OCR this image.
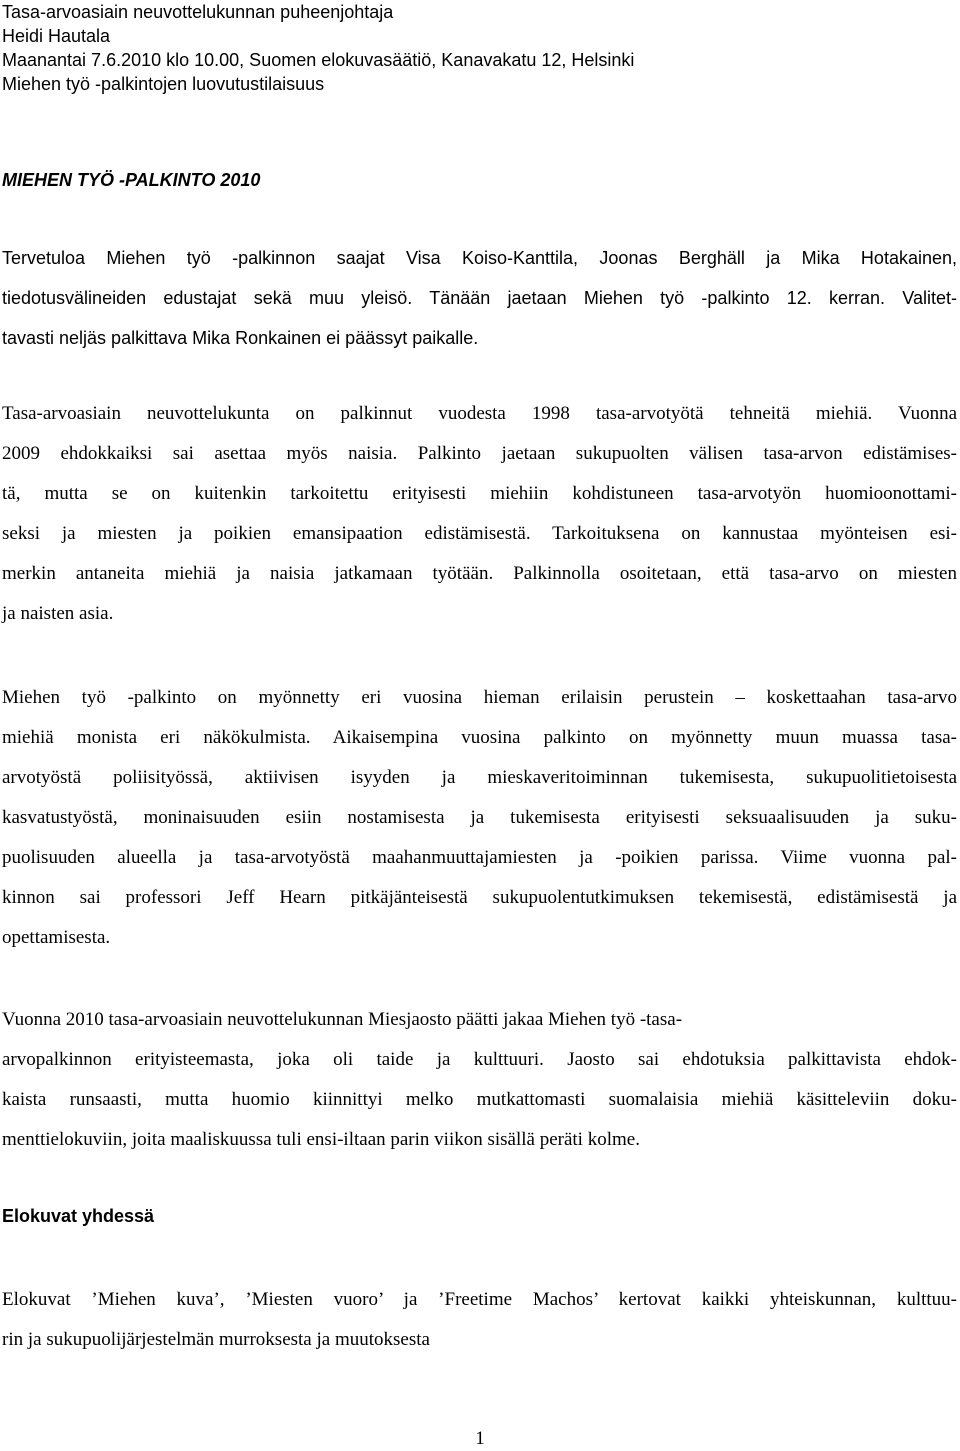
Tasa-arvoasiain neuvottelukunnan puheenjohtaja
Heidi Hautala
Maanantai 7.6.2010 klo 10.00, Suomen elokuvasäätiö, Kanavakatu 12, Helsinki
Miehen työ -palkintojen luovutustilaisuus
MIEHEN TYÖ -PALKINTO 2010
Tervetuloa Miehen työ -palkinnon saajat Visa Koiso-Kanttila, Joonas Berghäll ja Mika Hotakainen,
tiedotusvälineiden edustajat sekä muu yleisö. Tänään jaetaan Miehen työ -palkinto 12. kerran. Valitet-
tavasti neljäs palkittava Mika Ronkainen ei päässyt paikalle.
Tasa-arvoasiain neuvottelukunta on palkinnut vuodesta 1998 tasa-arvotyötä tehneitä miehiä. Vuonna
2009 ehdokkaiksi sai asettaa myös naisia. Palkinto jaetaan sukupuolten välisen tasa-arvon edistämises-
tä, mutta se on kuitenkin tarkoitettu erityisesti miehiin kohdistuneen tasa-arvotyön huomioonottami-
seksi ja miesten ja poikien emansipaation edistämisestä. Tarkoituksena on kannustaa myönteisen esi-
merkin antaneita miehiä ja naisia jatkamaan työtään. Palkinnolla osoitetaan, että tasa-arvo on miesten
ja naisten asia.
Miehen työ -palkinto on myönnetty eri vuosina hieman erilaisin perustein – koskettaahan tasa-arvo
miehiä monista eri näkökulmista. Aikaisempina vuosina palkinto on myönnetty muun muassa tasa-
arvotyöstä poliisityössä, aktiivisen isyyden ja mieskaveritoiminnan tukemisesta, sukupuolitietoisesta
kasvatustyöstä, moninaisuuden esiin nostamisesta ja tukemisesta erityisesti seksuaalisuuden ja suku-
puolisuuden alueella ja tasa-arvotyöstä maahanmuuttajamiesten ja -poikien parissa. Viime vuonna pal-
kinnon sai professori Jeff Hearn pitkäjänteisestä sukupuolentutkimuksen tekemisestä, edistämisestä ja
opettamisesta.
Vuonna 2010 tasa-arvoasiain neuvottelukunnan Miesjaosto päätti jakaa Miehen työ -tasa-
arvopalkinnon erityisteemasta, joka oli taide ja kulttuuri. Jaosto sai ehdotuksia palkittavista ehdok-
kaista runsaasti, mutta huomio kiinnittyi melko mutkattomasti suomalaisia miehiä käsitteleviin doku-
menttielokuviin, joita maaliskuussa tuli ensi-iltaan parin viikon sisällä peräti kolme.
Elokuvat yhdessä
Elokuvat ’Miehen kuva’, ’Miesten vuoro’ ja ’Freetime Machos’ kertovat kaikki yhteiskunnan, kulttuu-
rin ja sukupuolijärjestelmän murroksesta ja muutoksesta
1
